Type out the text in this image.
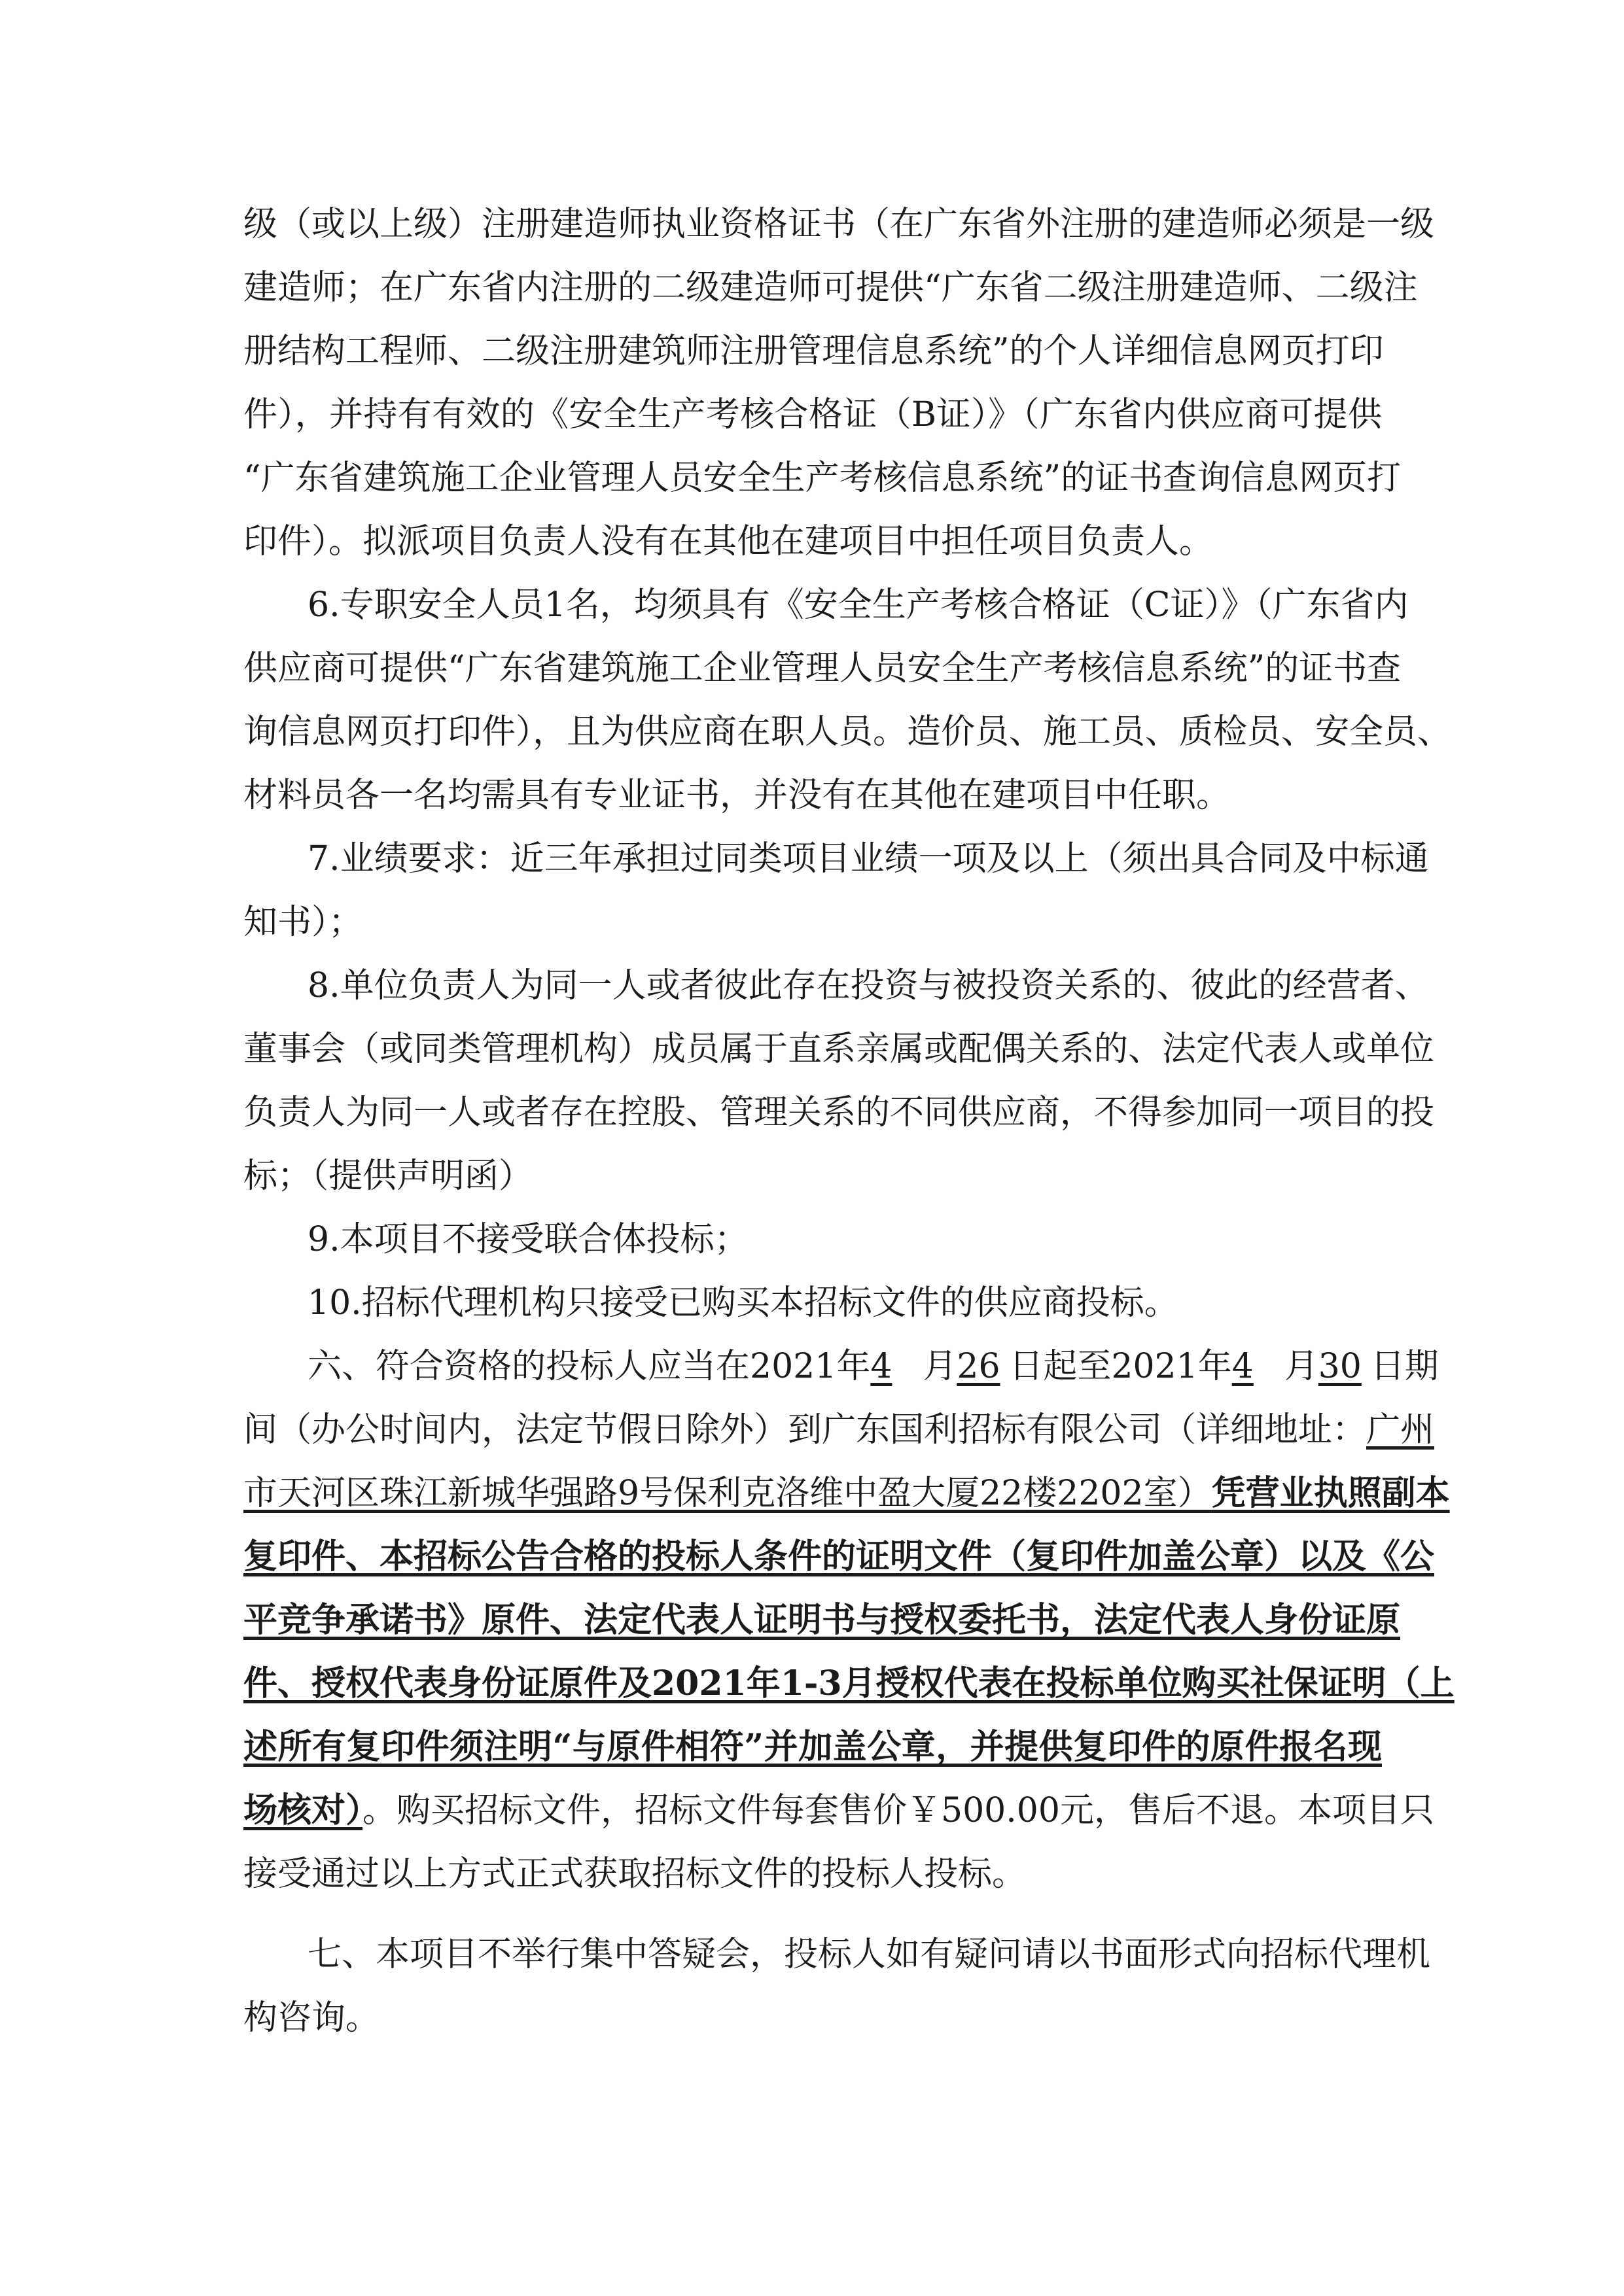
级（或以上级）注册建造师执业资格证书（在广东省外注册的建造师必须是一级
建造师；在广东省内注册的二级建造师可提供“广东省二级注册建造师、二级注
册结构工程师、二级注册建筑师注册管理信息系统”的个人详细信息网页打印
件），并持有有效的《安全生产考核合格证（B证）》（广东省内供应商可提供
“广东省建筑施工企业管理人员安全生产考核信息系统”的证书查询信息网页打
印件）。拟派项目负责人没有在其他在建项目中担任项目负责人。
6.专职安全人员1名，均须具有《安全生产考核合格证（C证）》（广东省内
供应商可提供“广东省建筑施工企业管理人员安全生产考核信息系统”的证书查
询信息网页打印件），且为供应商在职人员。造价员、施工员、质检员、安全员、
材料员各一名均需具有专业证书，并没有在其他在建项目中任职。
7.业绩要求：近三年承担过同类项目业绩一项及以上（须出具合同及中标通
知书）；
8.单位负责人为同一人或者彼此存在投资与被投资关系的、彼此的经营者、
董事会（或同类管理机构）成员属于直系亲属或配偶关系的、法定代表人或单位
负责人为同一人或者存在控股、管理关系的不同供应商，不得参加同一项目的投
标；（提供声明函）
9.本项目不接受联合体投标；
10.招标代理机构只接受已购买本招标文件的供应商投标。
六、符合资格的投标人应当在2021年4 月26 日起至2021年4 月30 日期
间（办公时间内，法定节假日除外）到广东国利招标有限公司（详细地址：广州
市天河区珠江新城华强路9号保利克洛维中盈大厦22楼2202室）凭营业执照副本
复印件、本招标公告合格的投标人条件的证明文件（复印件加盖公章）以及《公
平竞争承诺书》原件、法定代表人证明书与授权委托书，法定代表人身份证原
件、授权代表身份证原件及2021年1-3月授权代表在投标单位购买社保证明（上
述所有复印件须注明“与原件相符”并加盖公章，并提供复印件的原件报名现
场核对）。购买招标文件，招标文件每套售价￥500.00元，售后不退。本项目只
接受通过以上方式正式获取招标文件的投标人投标。
七、本项目不举行集中答疑会，投标人如有疑问请以书面形式向招标代理机
构咨询。
